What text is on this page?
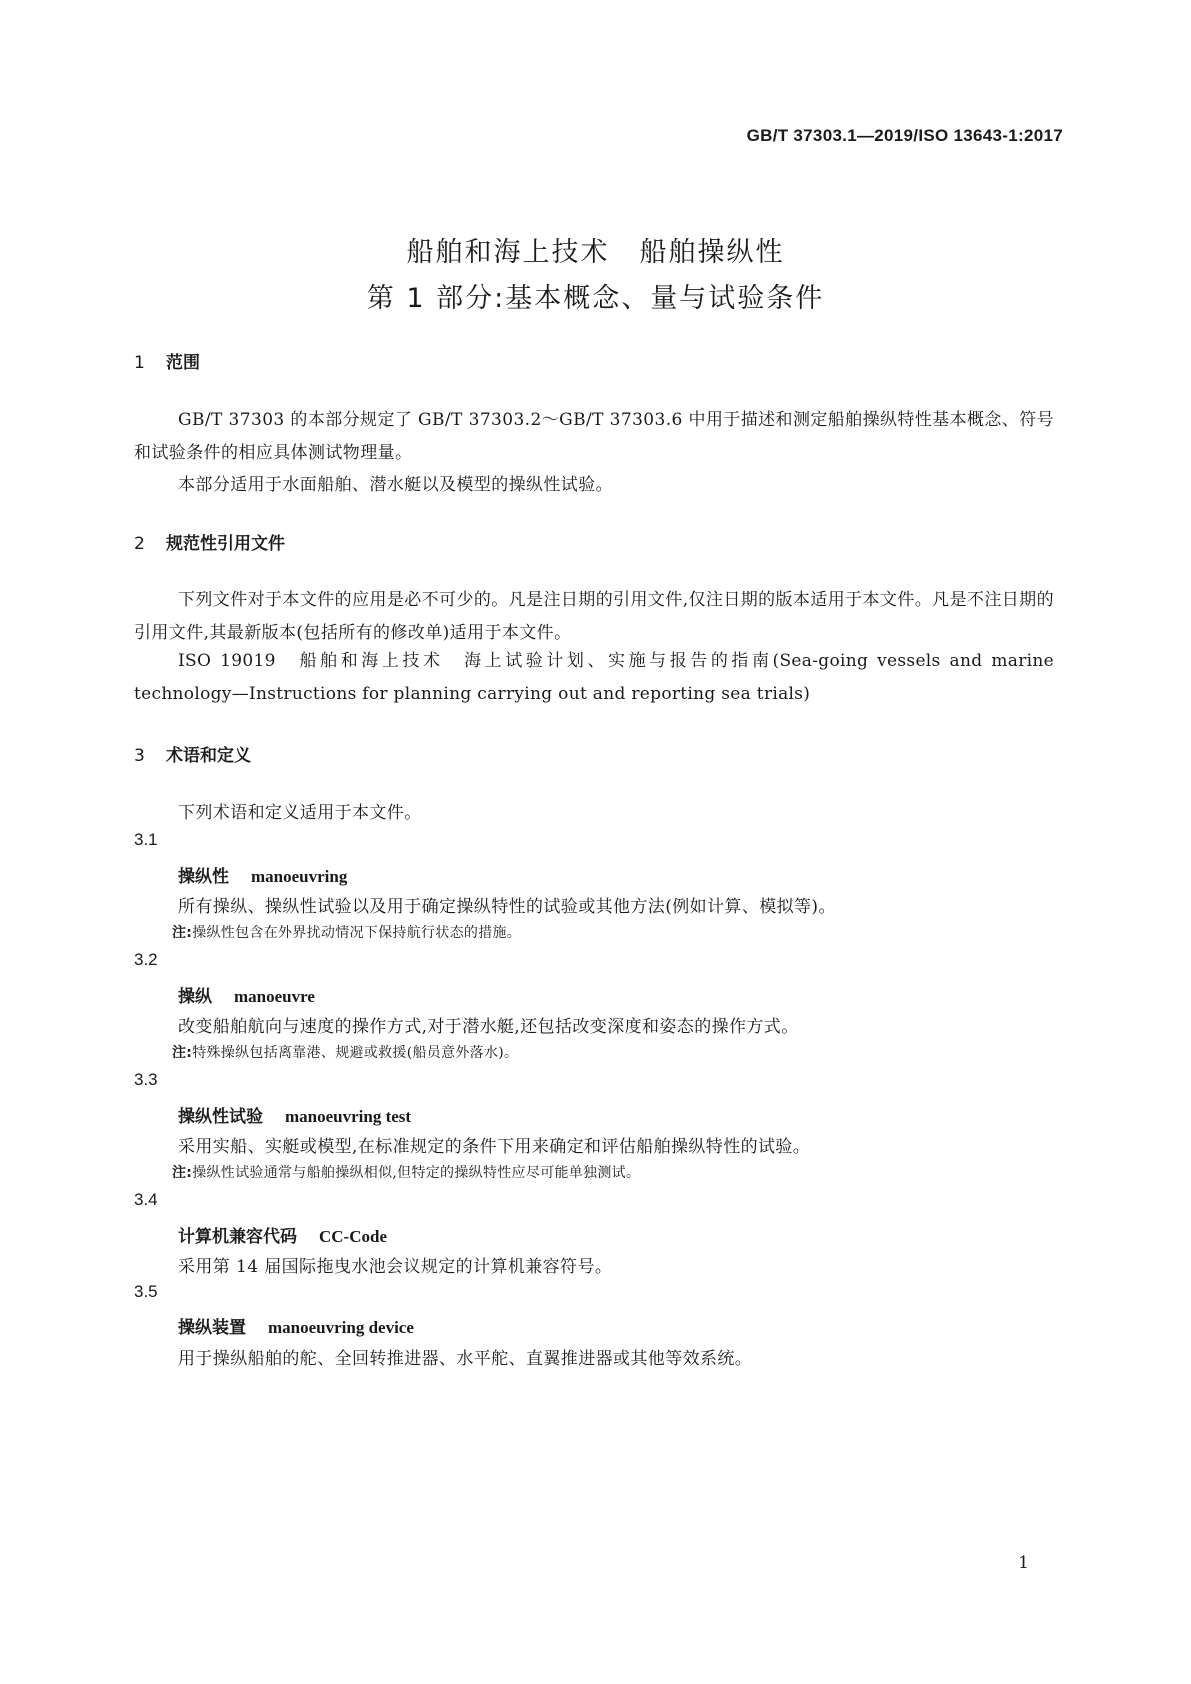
GB/T 37303.1—2019/ISO 13643-1:2017
船舶和海上技术 船舶操纵性
第 1 部分:基本概念、量与试验条件
1 范围
GB/T 37303 的本部分规定了 GB/T 37303.2～GB/T 37303.6 中用于描述和测定船舶操纵特性基本概念、符号和试验条件的相应具体测试物理量。
本部分适用于水面船舶、潜水艇以及模型的操纵性试验。
2 规范性引用文件
下列文件对于本文件的应用是必不可少的。凡是注日期的引用文件,仅注日期的版本适用于本文件。凡是不注日期的引用文件,其最新版本(包括所有的修改单)适用于本文件。
ISO 19019　船舶和海上技术　海上试验计划、实施与报告的指南(Sea-going vessels and marine technology—Instructions for planning carrying out and reporting sea trials)
3 术语和定义
下列术语和定义适用于本文件。
3.1
操纵性 manoeuvring
所有操纵、操纵性试验以及用于确定操纵特性的试验或其他方法(例如计算、模拟等)。
注:操纵性包含在外界扰动情况下保持航行状态的措施。
3.2
操纵 manoeuvre
改变船舶航向与速度的操作方式,对于潜水艇,还包括改变深度和姿态的操作方式。
注:特殊操纵包括离靠港、规避或救援(船员意外落水)。
3.3
操纵性试验 manoeuvring test
采用实船、实艇或模型,在标准规定的条件下用来确定和评估船舶操纵特性的试验。
注:操纵性试验通常与船舶操纵相似,但特定的操纵特性应尽可能单独测试。
3.4
计算机兼容代码 CC-Code
采用第 14 届国际拖曳水池会议规定的计算机兼容符号。
3.5
操纵装置 manoeuvring device
用于操纵船舶的舵、全回转推进器、水平舵、直翼推进器或其他等效系统。
1
